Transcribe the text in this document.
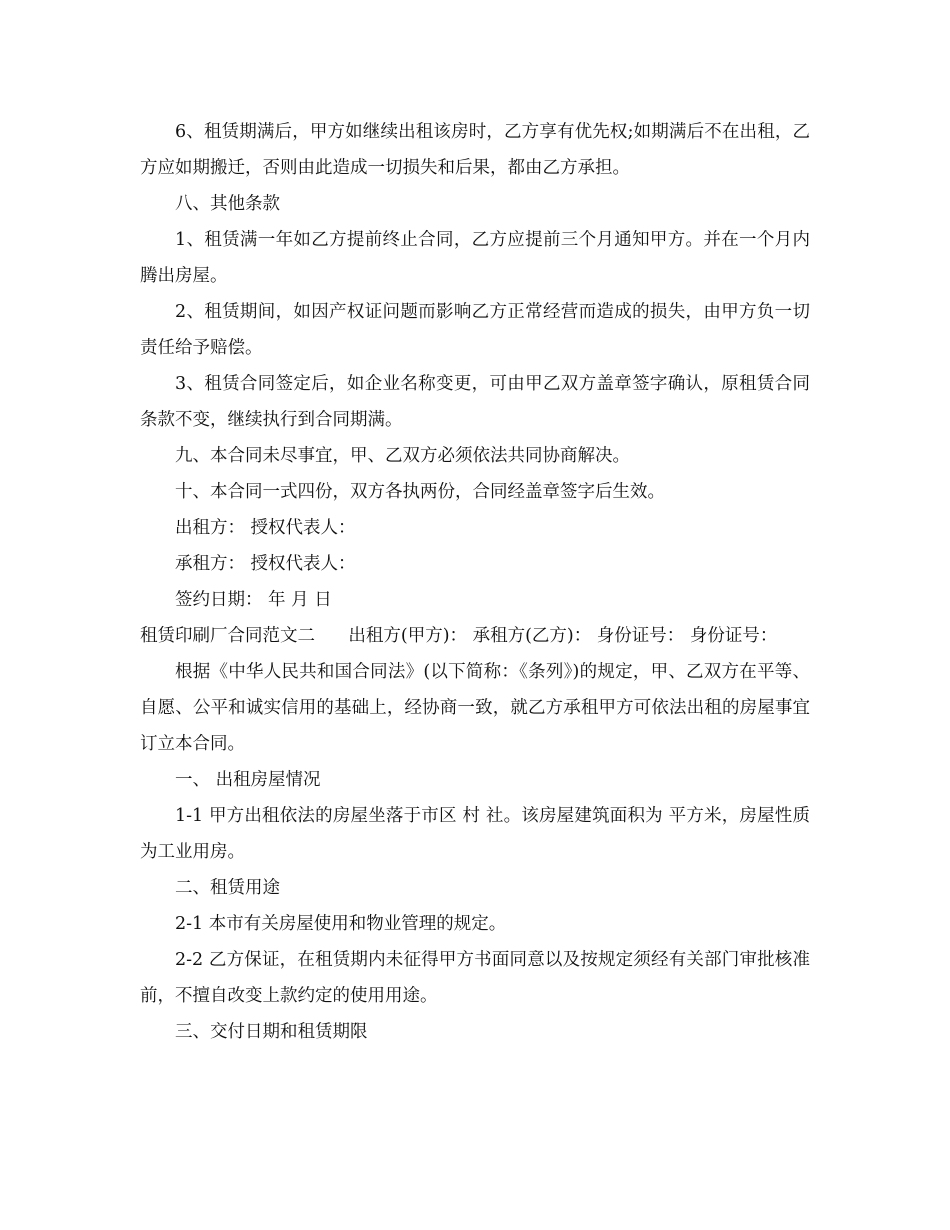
6、租赁期满后，甲方如继续出租该房时，乙方享有优先权;如期满后不在出租，乙方应如期搬迁，否则由此造成一切损失和后果，都由乙方承担。

八、其他条款

1、租赁满一年如乙方提前终止合同，乙方应提前三个月通知甲方。并在一个月内腾出房屋。

2、租赁期间，如因产权证问题而影响乙方正常经营而造成的损失，由甲方负一切责任给予赔偿。

3、租赁合同签定后，如企业名称变更，可由甲乙双方盖章签字确认，原租赁合同条款不变，继续执行到合同期满。

九、本合同未尽事宜，甲、乙双方必须依法共同协商解决。

十、本合同一式四份，双方各执两份，合同经盖章签字后生效。

出租方： 授权代表人：

承租方： 授权代表人：

签约日期： 年 月 日

租赁印刷厂合同范文二      出租方(甲方)： 承租方(乙方)： 身份证号： 身份证号：

根据《中华人民共和国合同法》(以下简称：《条列》)的规定，甲、乙双方在平等、自愿、公平和诚实信用的基础上，经协商一致，就乙方承租甲方可依法出租的房屋事宜订立本合同。

一、 出租房屋情况

1-1 甲方出租依法的房屋坐落于市区 村 社。该房屋建筑面积为 平方米，房屋性质为工业用房。

二、租赁用途

2-1 本市有关房屋使用和物业管理的规定。

2-2 乙方保证，在租赁期内未征得甲方书面同意以及按规定须经有关部门审批核准前，不擅自改变上款约定的使用用途。

三、交付日期和租赁期限
